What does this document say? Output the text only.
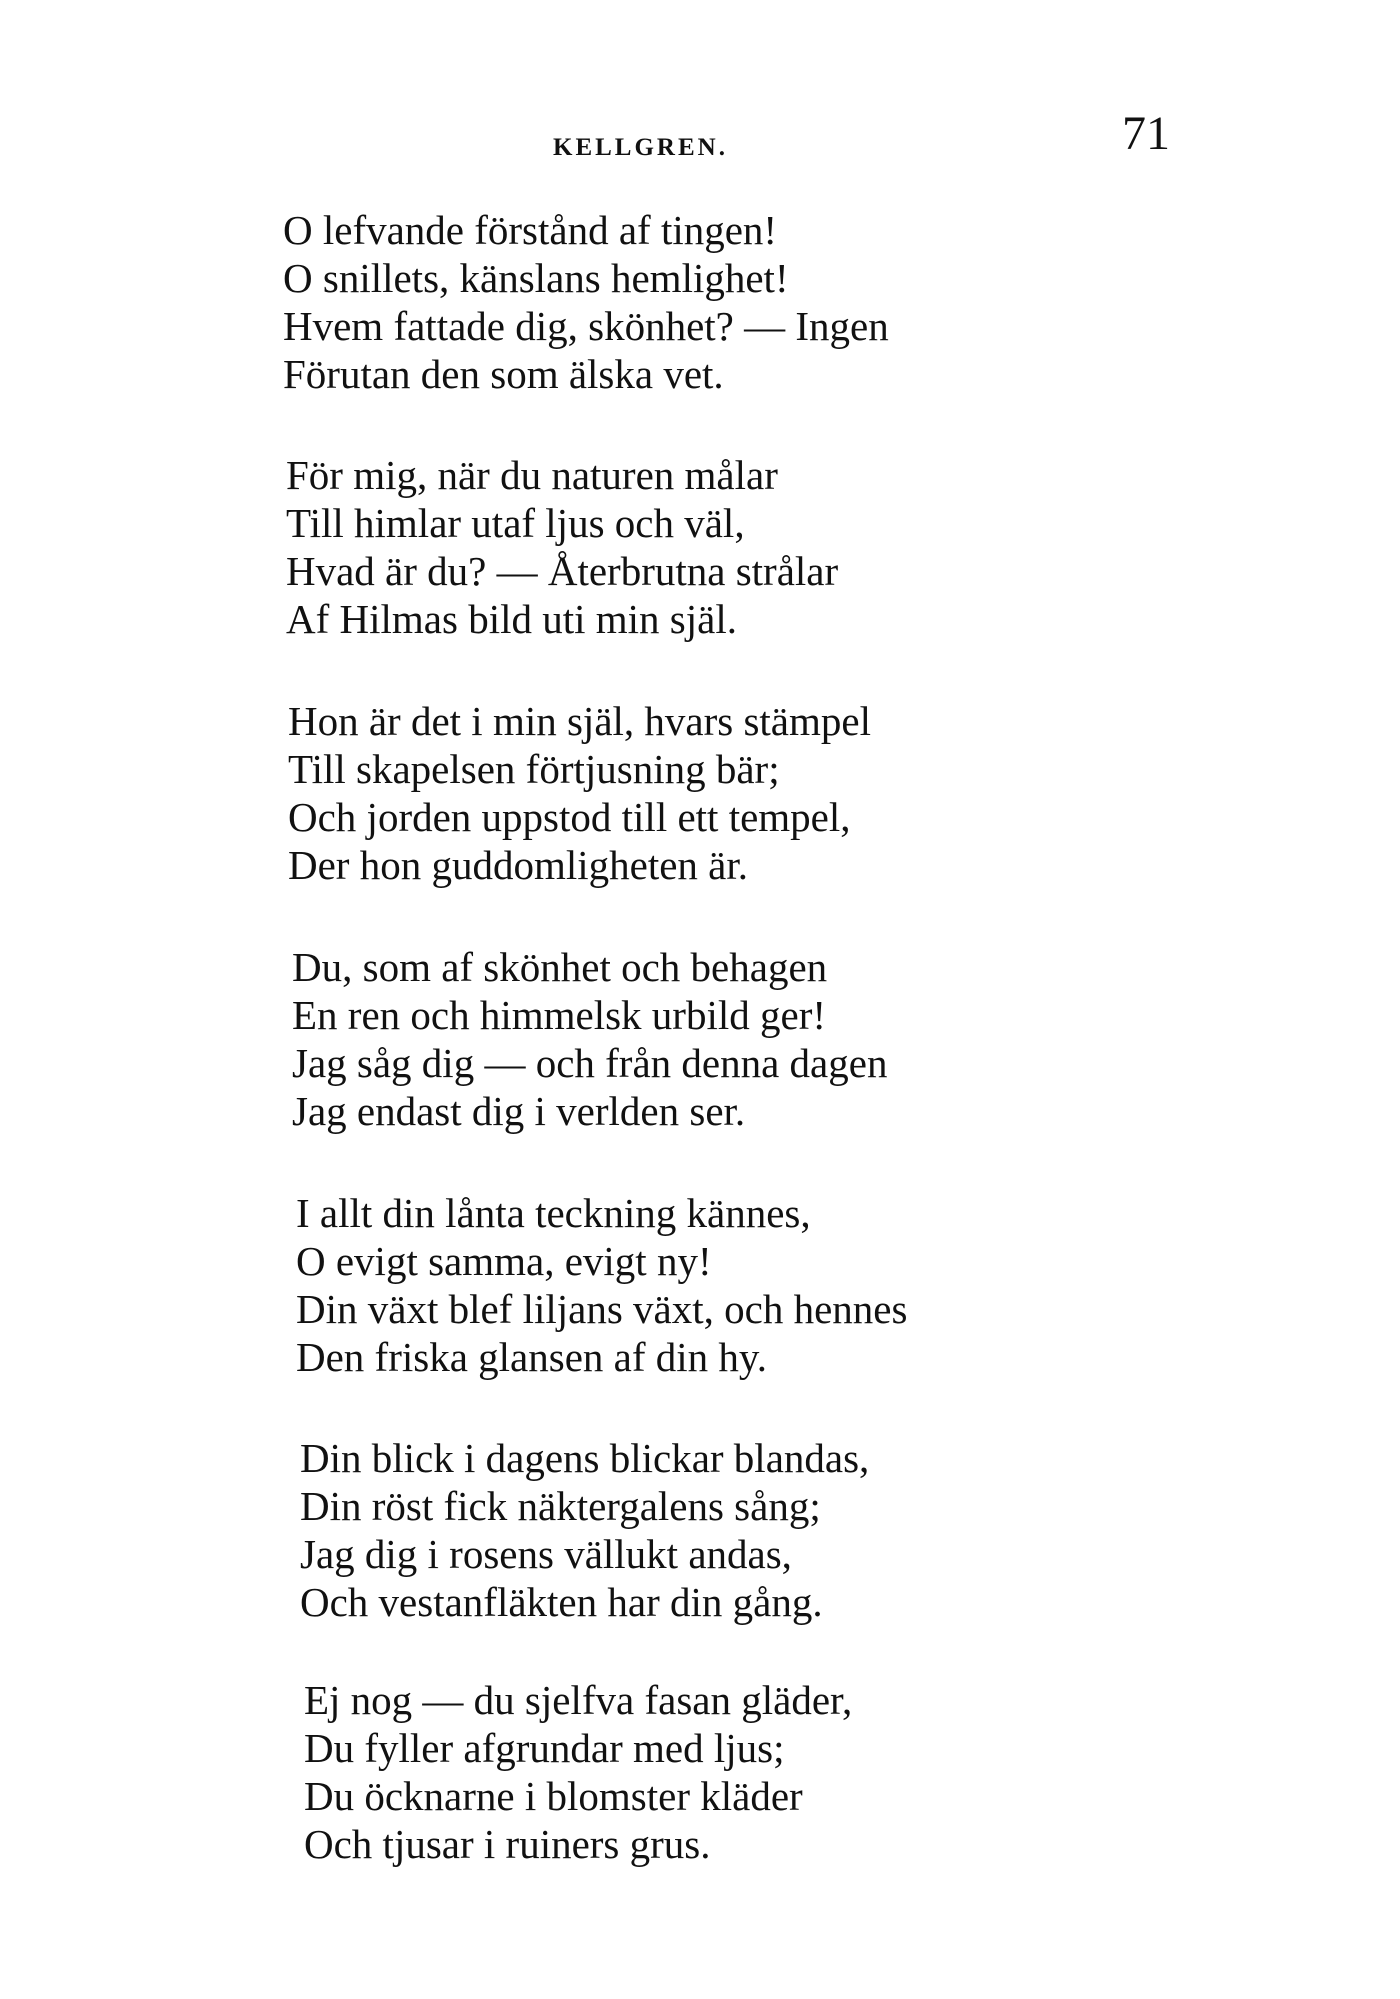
KELLGREN.	71
O lefvande förstånd af tingen!
O snillets, känslans hemlighet!
Hvem fattade dig, skönhet? — Ingen
Förutan den som älska vet.
För mig, när du naturen målar
Till himlar utaf ljus och väl,
Hvad är du? — Återbrutna strålar
Af Hilmas bild uti min själ.
Hon är det i min själ, hvars stämpel
Till skapelsen förtjusning bär;
Och jorden uppstod till ett tempel,
Der hon guddomligheten är.
Du, som af skönhet och behagen
En ren och himmelsk urbild ger!
Jag såg dig — och från denna dagen
Jag endast dig i verlden ser.
I allt din lånta teckning kännes,
O evigt samma, evigt ny!
Din växt blef liljans växt, och hennes
Den friska glansen af din hy.
Din blick i dagens blickar blandas,
Din röst fick näktergalens sång;
Jag dig i rosens vällukt andas,
Och vestanfläkten har din gång.
Ej nog — du sjelfva fasan gläder,
Du fyller afgrundar med ljus;
Du öcknarne i blomster kläder
Och tjusar i ruiners grus.
